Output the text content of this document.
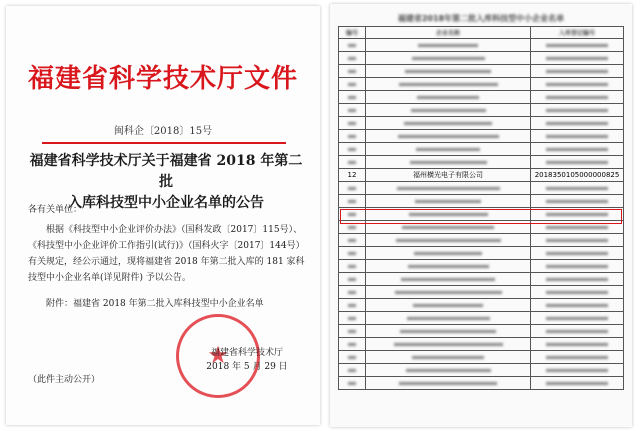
福建省科学技术厅文件
闽科企〔2018〕15号
福建省科学技术厅关于福建省 2018 年第二批
入库科技型中小企业名单的公告

各有关单位：

根据《科技型中小企业评价办法》（国科发政〔2017〕115号）、《科技型中小企业评价工作指引(试行)》（国科火字〔2017〕144号）有关规定，经公示通过，现将福建省 2018 年第二批入库的 181 家科技型中小企业名单(详见附件) 予以公告。

附件：福建省 2018 年第二批入库科技型中小企业名单

★
福建省科学技术厅
2018 年 5 月 29 日
（此件主动公开）
福建省2018年第二批入库科技型中小企业名单
编号	企业名称	入库登记编号

12	福州横光电子有限公司	2018350105000000825
